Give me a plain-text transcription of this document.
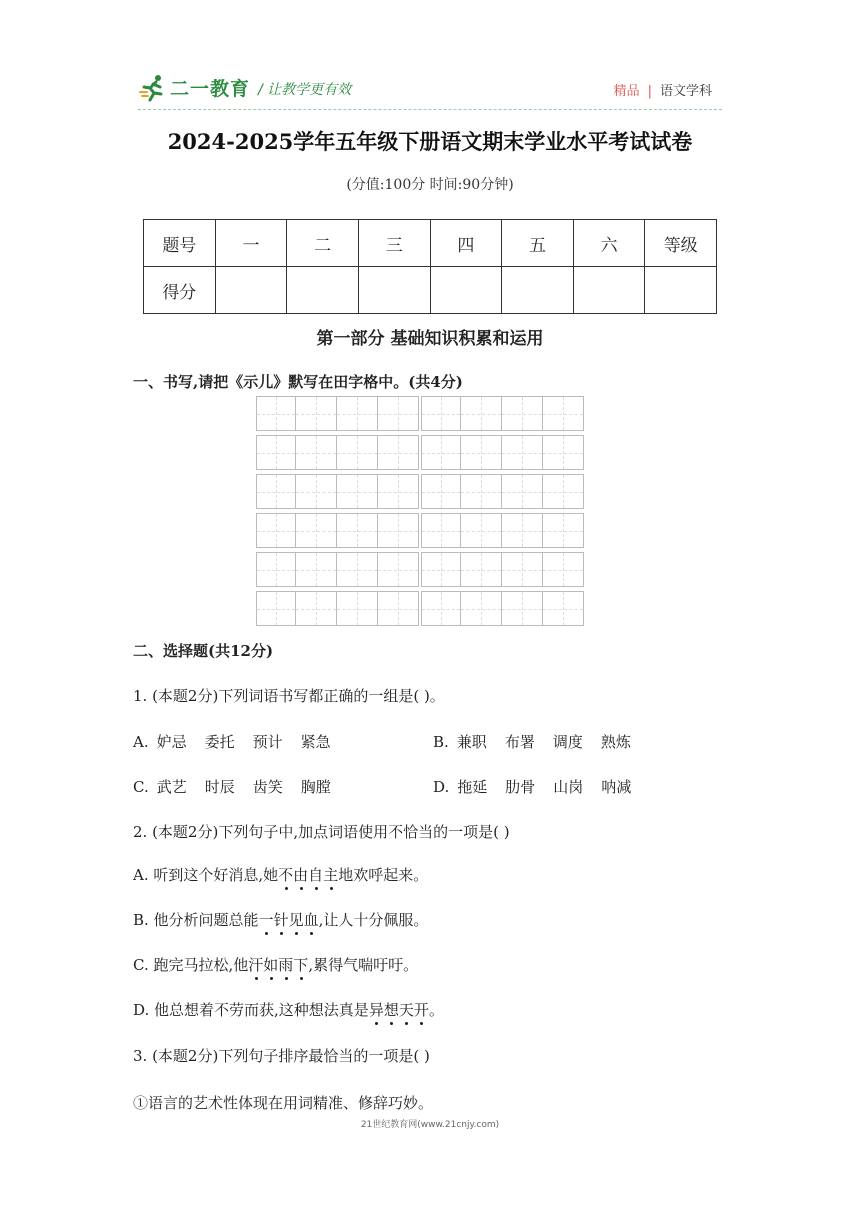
二一教育 / 让教学更有效	精品 | 语文学科
2024-2025学年五年级下册语文期末学业水平考试试卷
(分值:100分 时间:90分钟)
题号	一	二	三	四	五	六	等级
得分							
第一部分 基础知识积累和运用
一、书写,请把《示儿》默写在田字格中。(共4分)
二、选择题(共12分)
1. (本题2分)下列词语书写都正确的一组是( )。
A. 妒忌 委托 预计 紧急	B. 兼职 布署 调度 熟炼
C. 武艺 时辰 齿笑 胸膛	D. 拖延 肋骨 山岗 呐减
2. (本题2分)下列句子中,加点词语使用不恰当的一项是( )
A. 听到这个好消息,她不由自主地欢呼起来。
B. 他分析问题总能一针见血,让人十分佩服。
C. 跑完马拉松,他汗如雨下,累得气喘吁吁。
D. 他总想着不劳而获,这种想法真是异想天开。
3. (本题2分)下列句子排序最恰当的一项是( )
①语言的艺术性体现在用词精准、修辞巧妙。
21世纪教育网(www.21cnjy.com)
